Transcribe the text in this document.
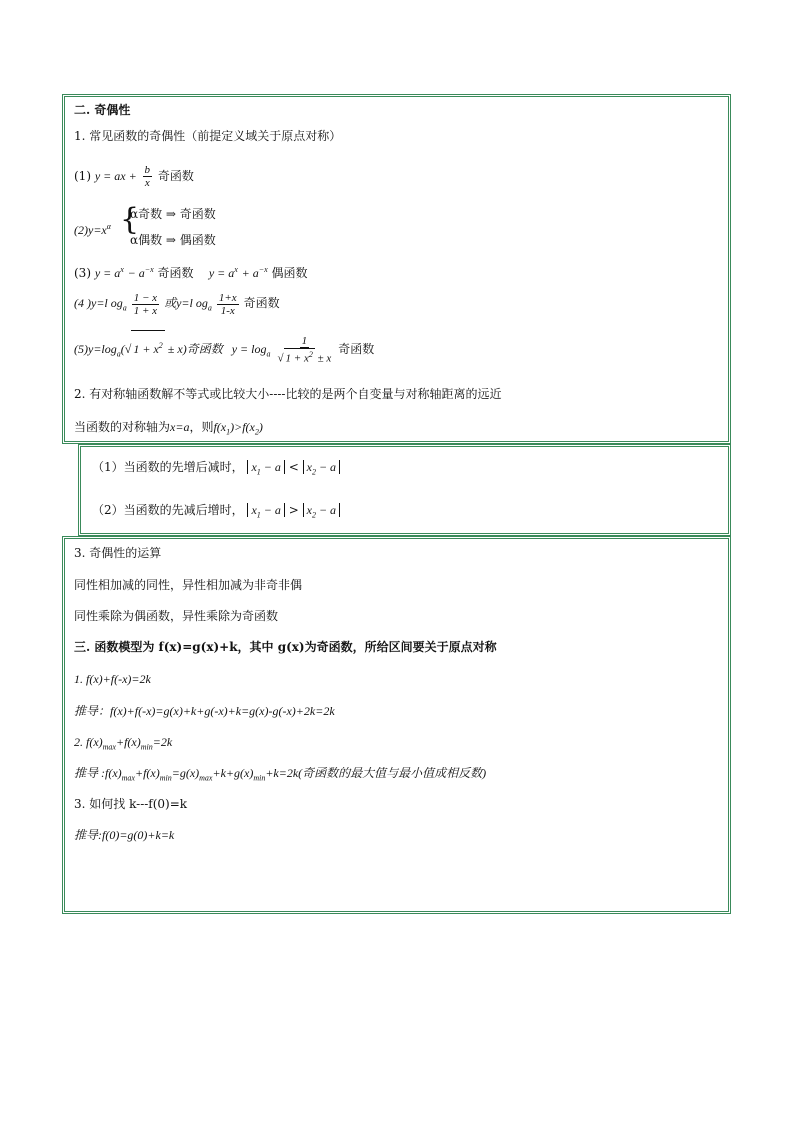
二. 奇偶性
1. 常见函数的奇偶性（前提定义域关于原点对称）
(1) y = ax + $\frac{b}{x}$ 奇函数
$(2)y=x^\alpha$ {
α奇数 ⇒ 奇函数
α偶数 ⇒ 偶函数
(3) $y = a^x - a^{-x}$ 奇函数 $y = a^x + a^{-x}$ 偶函数
(4 )y=l $og_a \frac{1 - x}{1 + x}$ 或y=l $og_a \frac{1+x}{1-x}$ 奇函数
$(5)y=\log_a(√$ $1 + x^2 \pm x$)奇函数 $y = \log_a \frac{1}{√ 1 + x^2 \pm x}$ 奇函数
2. 有对称轴函数解不等式或比较大小----比较的是两个自变量与对称轴距离的远近
当函数的对称轴为x=a，则$f(x_1)>f(x_2)$
（1）当函数的先增后减时， $x_1 - a < x_2 - a$
（2）当函数的先减后增时， $x_1 - a > x_2 - a$
3. 奇偶性的运算
同性相加减的同性，异性相加减为非奇非偶
同性乘除为偶函数，异性乘除为奇函数
三. 函数模型为 f(x)=g(x)+k，其中 g(x)为奇函数，所给区间要关于原点对称
1. f(x)+f(-x)=2k
推导：f(x)+f(-x)=g(x)+k+g(-x)+k=g(x)-g(-x)+2k=2k
2. $f(x)_{max}+f(x)_{min}=2k$
推导 $:f(x)_{max}+f(x)_{min}=g(x)_{max}+k+g(x)_{min}+k=2k$(奇函数的最大值与最小值成相反数)
3. 如何找 k---f(0)=k
推导:f(0)=g(0)+k=k
